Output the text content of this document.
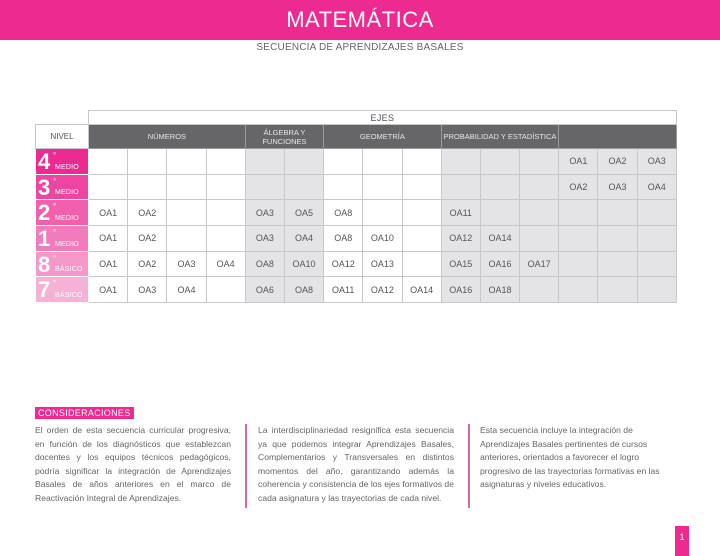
MATEMÁTICA
SECUENCIA DE APRENDIZAJES BASALES
	EJES														
NIVEL	NÚMEROS				ÁLGEBRA Y FUNCIONES		GEOMETRÍA			PROBABILIDAD Y ESTADÍSTICA					

4 °
MEDIO													OA1	OA2	OA3

3 °
MEDIO													OA2	OA3	OA4

2 °
MEDIO	OA1	OA2			OA3	OA5	OA8			OA11					

1 °
MEDIO	OA1	OA2			OA3	OA4	OA8	OA10		OA12	OA14				

8 °
BÁSICO	OA1	OA2	OA3	OA4	OA8	OA10	OA12	OA13		OA15	OA16	OA17			

7 °
BÁSICO	OA1	OA3	OA4		OA6	OA8	OA11	OA12	OA14	OA16	OA18				
CONSIDERACIONES
El orden de esta secuencia curricular progresiva, en función de los diagnósticos que establezcan docentes y los equipos técnicos pedagógicos, podría significar la integración de Aprendizajes Basales de años anteriores en el marco de Reactivación Integral de Aprendizajes.
La interdisciplinariedad resignifica esta secuencia ya que podemos integrar Aprendizajes Basales, Complementarios y Transversales en distintos momentos del año, garantizando además la coherencia y consistencia de los ejes formativos de cada asignatura y las trayectorias de cada nivel.
Esta secuencia incluye la integración de Aprendizajes Basales pertinentes de cursos anteriores, orientados a favorecer el logro progresivo de las trayectorias formativas en las asignaturas y niveles educativos.
1
